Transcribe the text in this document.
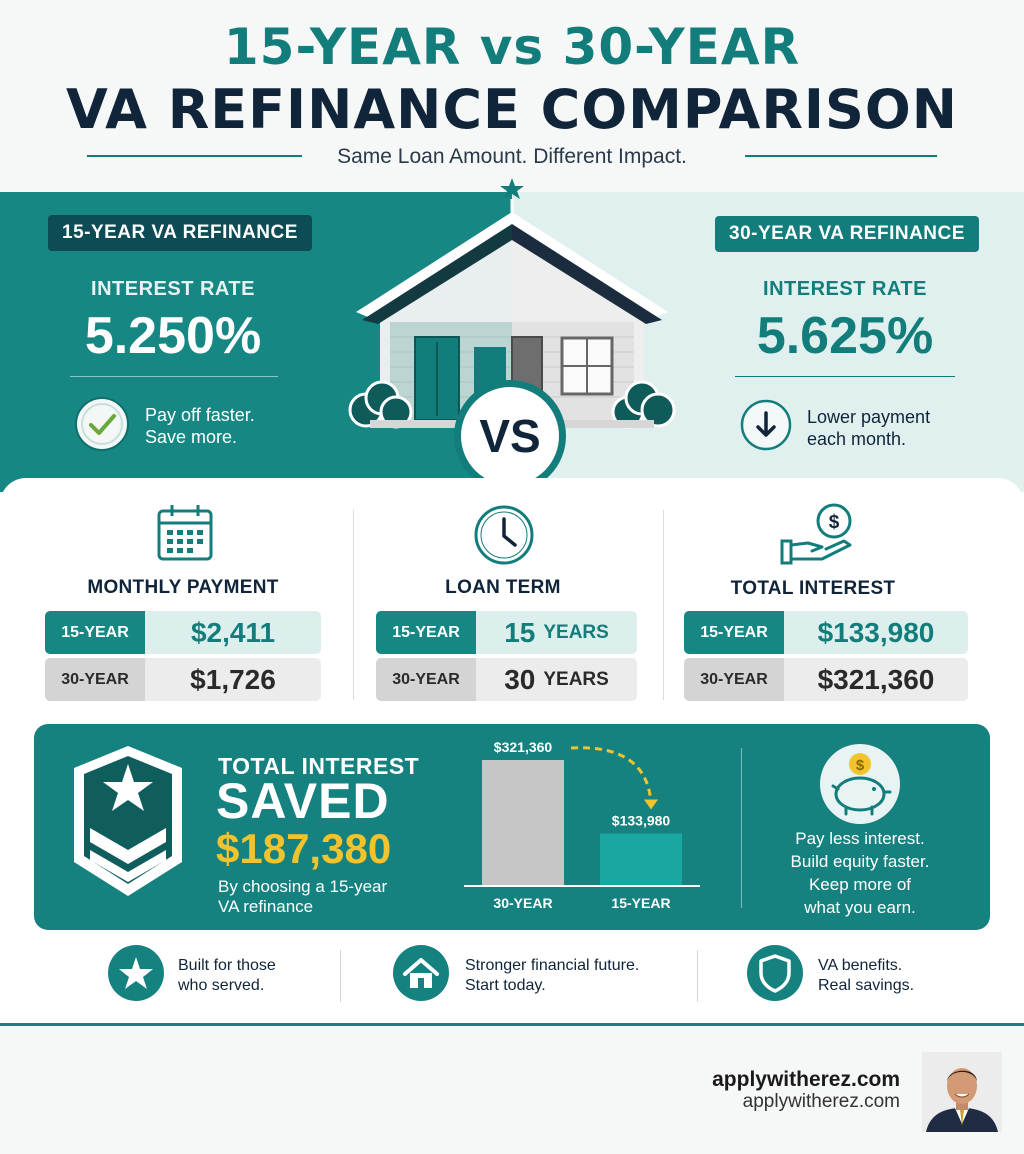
15-YEAR vs 30-YEAR
VA REFINANCE COMPARISON
Same Loan Amount. Different Impact.
15-YEAR VA REFINANCE
INTEREST RATE
5.250%
Pay off faster.
Save more.
30-YEAR VA REFINANCE
INTEREST RATE
5.625%
Lower payment
each month.
VS
MONTHLY PAYMENT
15-YEAR	$2,411
30-YEAR	$1,726
LOAN TERM
15-YEAR	15 YEARS
30-YEAR	30 YEARS
$
TOTAL INTEREST
15-YEAR	$133,980
30-YEAR	$321,360
TOTAL INTEREST
SAVED
$187,380
By choosing a 15-year
VA refinance
$321,360
30-YEAR
$133,980
15-YEAR
$
Pay less interest.
Build equity faster.
Keep more of
what you earn.
Built for those
who served.
Stronger financial future.
Start today.
VA benefits.
Real savings.
applywitherez.com
applywitherez.com
